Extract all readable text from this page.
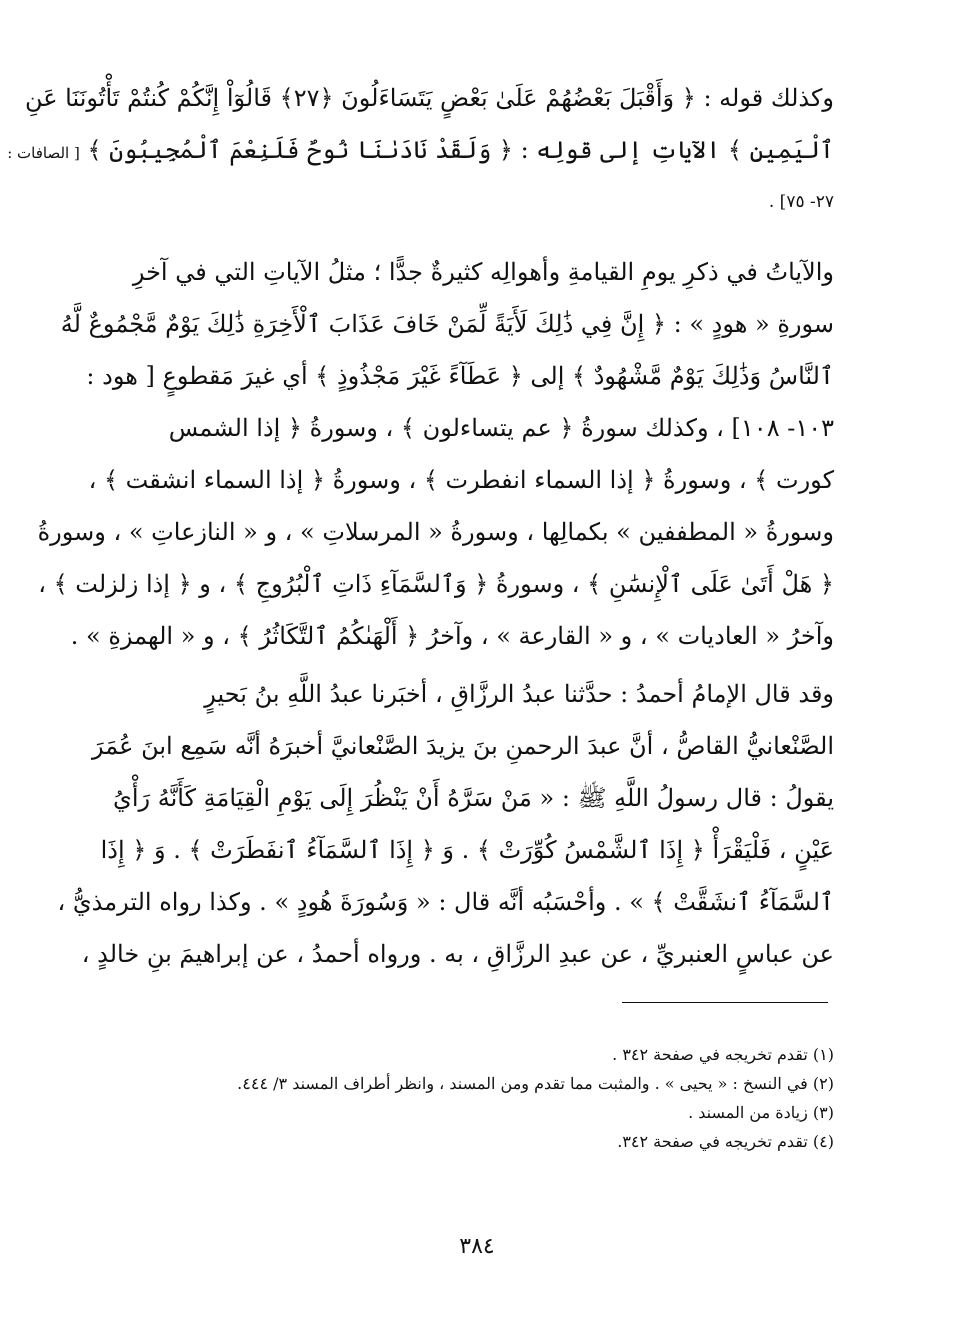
وكذلك قوله : ﴿ وَأَقْبَلَ بَعْضُهُمْ عَلَىٰ بَعْضٍ يَتَسَاءَلُونَ ﴿٢٧﴾ قَالُوٓاْ إِنَّكُمْ كُنتُمْ تَأْتُونَنَا عَنِ
ٱلْيَمِينِ ﴾ الآياتِ إلى قولِه : ﴿ وَلَقَدْ نَادَىٰنَا نُوحٌ فَلَنِعْمَ ٱلْمُجِيبُونَ ﴾ [ الصافات :
٢٧- ٧٥] .
والآياتُ في ذكرِ يومِ القيامةِ وأهوالِه كثيرةٌ جدًّا ؛ مثلُ الآياتِ التي في آخرِ
سورةِ « هودٍ » : ﴿ إِنَّ فِي ذَٰلِكَ لَأَيَةً لِّمَنْ خَافَ عَذَابَ ٱلْأَخِرَةِ ذَٰلِكَ يَوْمٌ مَّجْمُوعٌ لَّهُ
ٱلنَّاسُ وَذَٰلِكَ يَوْمٌ مَّشْهُودٌ ﴾ إلى ﴿ عَطَآءً غَيْرَ مَجْذُوذٍ ﴾ أي غيرَ مَقطوعٍ [ هود :
١٠٣- ١٠٨] ، وكذلك سورةُ ﴿ عم يتساءلون ﴾ ، وسورةُ ﴿ إذا الشمس
كورت ﴾ ، وسورةُ ﴿ إذا السماء انفطرت ﴾ ، وسورةُ ﴿ إذا السماء انشقت ﴾ ،
وسورةُ « المطففين » بكمالِها ، وسورةُ « المرسلاتِ » ، و « النازعاتِ » ، وسورةُ
﴿ هَلْ أَتَىٰ عَلَى ٱلْإِنسَٰنِ ﴾ ، وسورةُ ﴿ وَٱلسَّمَآءِ ذَاتِ ٱلْبُرُوجِ ﴾ ، و ﴿ إذا زلزلت ﴾ ،
وآخرُ « العاديات » ، و « القارعة » ، وآخرُ ﴿ أَلْهَىٰكُمُ ٱلتَّكَاثُرُ ﴾ ، و « الهمزةِ » .
وقد قال الإمامُ أحمدُ : حدَّثنا عبدُ الرزَّاقِ ، أخبَرنا عبدُ اللَّهِ بنُ بَحيرٍ
الصَّنْعانيُّ القاصُّ ، أنَّ عبدَ الرحمنِ بنَ يزيدَ الصَّنْعانيَّ أخبرَهُ أنَّه سَمِع ابنَ عُمَرَ
يقولُ : قال رسولُ اللَّهِ ﷺ : « مَنْ سَرَّهُ أَنْ يَنْظُرَ إِلَى يَوْمِ الْقِيَامَةِ كَأَنَّهُ رَأْيُ
عَيْنٍ ، فَلْيَقْرَأْ ﴿ إِذَا ٱلشَّمْسُ كُوِّرَتْ ﴾ . وَ ﴿ إِذَا ٱلسَّمَآءُ ٱنفَطَرَتْ ﴾ . وَ ﴿ إِذَا
ٱلسَّمَآءُ ٱنشَقَّتْ ﴾ » . وأحْسَبُه أنَّه قال : « وَسُورَةَ هُودٍ » . وكذا رواه الترمذيُّ ،
عن عباسٍ العنبريِّ ، عن عبدِ الرزَّاقِ ، به . ورواه أحمدُ ، عن إبراهيمَ بنِ خالدٍ ،
(١) تقدم تخريجه في صفحة ٣٤٢ .
(٢) في النسخ : « يحيى » . والمثبت مما تقدم ومن المسند ، وانظر أطراف المسند ٣/ ٤٤٤.
(٣) زيادة من المسند .
(٤) تقدم تخريجه في صفحة ٣٤٢.
٣٨٤
